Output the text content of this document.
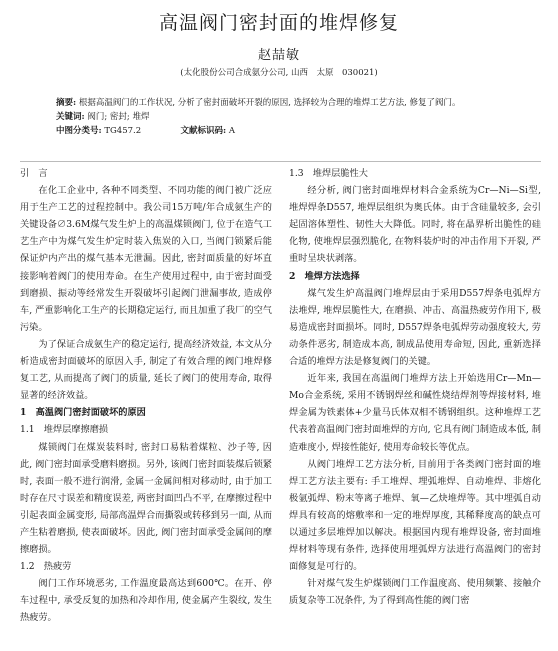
高温阀门密封面的堆焊修复
赵喆敏
(太化股份公司合成氨分公司, 山西　太原　030021)
摘要: 根据高温阀门的工作状况, 分析了密封面破坏开裂的原因, 选择较为合理的堆焊工艺方法, 修复了阀门。
关键词: 阀门; 密封; 堆焊
中图分类号: TG457.2	文献标识码: A

引　言

在化工企业中, 各种不同类型、不同功能的阀门被广泛应用于生产工艺的过程控制中。我公司15万吨/年合成氨生产的关键设备∅3.6M煤气发生炉上的高温煤锁阀门, 位于在造气工艺生产中为煤气发生炉定时装入焦炭的入口, 当阀门锁紧后能保证炉内产出的煤气基本无泄漏。因此, 密封面质量的好坏直接影响着阀门的使用寿命。在生产使用过程中, 由于密封面受到磨损、振动等经常发生开裂破坏引起阀门泄漏事故, 造成停车, 严重影响化工生产的长期稳定运行, 而且加重了我厂的空气污染。

为了保证合成氨生产的稳定运行, 提高经济效益, 本文从分析造成密封面破坏的原因入手, 制定了有效合理的阀门堆焊修复工艺, 从而提高了阀门的质量, 延长了阀门的使用寿命, 取得显著的经济效益。

1　高温阀门密封面破坏的原因

1.1　堆焊层摩擦磨损

煤锁阀门在煤炭装料时, 密封口易粘着煤粒、沙子等, 因此, 阀门密封面承受磨料磨损。另外, 该阀门密封面装煤后锁紧时, 表面一般不进行润滑, 金属一金属间相对移动时, 由于加工时存在尺寸误差和精度误差, 两密封面凹凸不平, 在摩擦过程中引起表面金属变形, 局部高温焊合而撕裂或转移到另一面, 从而产生粘着磨损, 使表面破坏。因此, 阀门密封面承受金属间的摩擦磨损。

1.2　热疲劳

阀门工作环境恶劣, 工作温度最高达到600℃。在开、停车过程中, 承受反复的加热和冷却作用, 使金属产生裂纹, 发生热疲劳。

1.3　堆焊层脆性大

经分析, 阀门密封面堆焊材料合金系统为Cr—Ni—Si型, 堆焊焊条D557, 堆焊层组织为奥氏体。由于含硅量较多, 会引起固溶体塑性、韧性大大降低。同时, 将在晶界析出脆性的硅化物, 使堆焊层强烈脆化, 在物料装炉时的冲击作用下开裂, 严重时呈块状剥落。

2　堆焊方法选择

煤气发生炉高温阀门堆焊层由于采用D557焊条电弧焊方法堆焊, 堆焊层脆性大, 在磨损、冲击、高温热疲劳作用下, 极易造成密封面损坏。同时, D557焊条电弧焊劳动强度较大, 劳动条件恶劣, 制造成本高, 制成品使用寿命短, 因此, 重新选择合适的堆焊方法是修复阀门的关键。

近年来, 我国在高温阀门堆焊方法上开始选用Cr—Mn—Mo合金系统, 采用不锈钢焊丝和碱性烧结焊剂等焊接材料, 堆焊金属为铁素体+少量马氏体双相不锈钢组织。这种堆焊工艺代表着高温阀门密封面堆焊的方向, 它具有阀门制造成本低, 制造难度小, 焊接性能好, 使用寿命较长等优点。

从阀门堆焊工艺方法分析, 目前用于各类阀门密封面的堆焊工艺方法主要有: 手工堆焊、埋弧堆焊、自动堆焊、非熔化极氩弧焊、粉末等离子堆焊、氧—乙炔堆焊等。其中埋弧自动焊具有较高的熔敷率和一定的堆焊厚度, 其稀释度高的缺点可以通过多层堆焊加以解决。根据国内现有堆焊设备, 密封面堆焊材料等现有条件, 选择使用埋弧焊方法进行高温阀门的密封面修复是可行的。

针对煤气发生炉煤锁阀门工作温度高、使用频繁、接触介质复杂等工况条件, 为了得到高性能的阀门密
